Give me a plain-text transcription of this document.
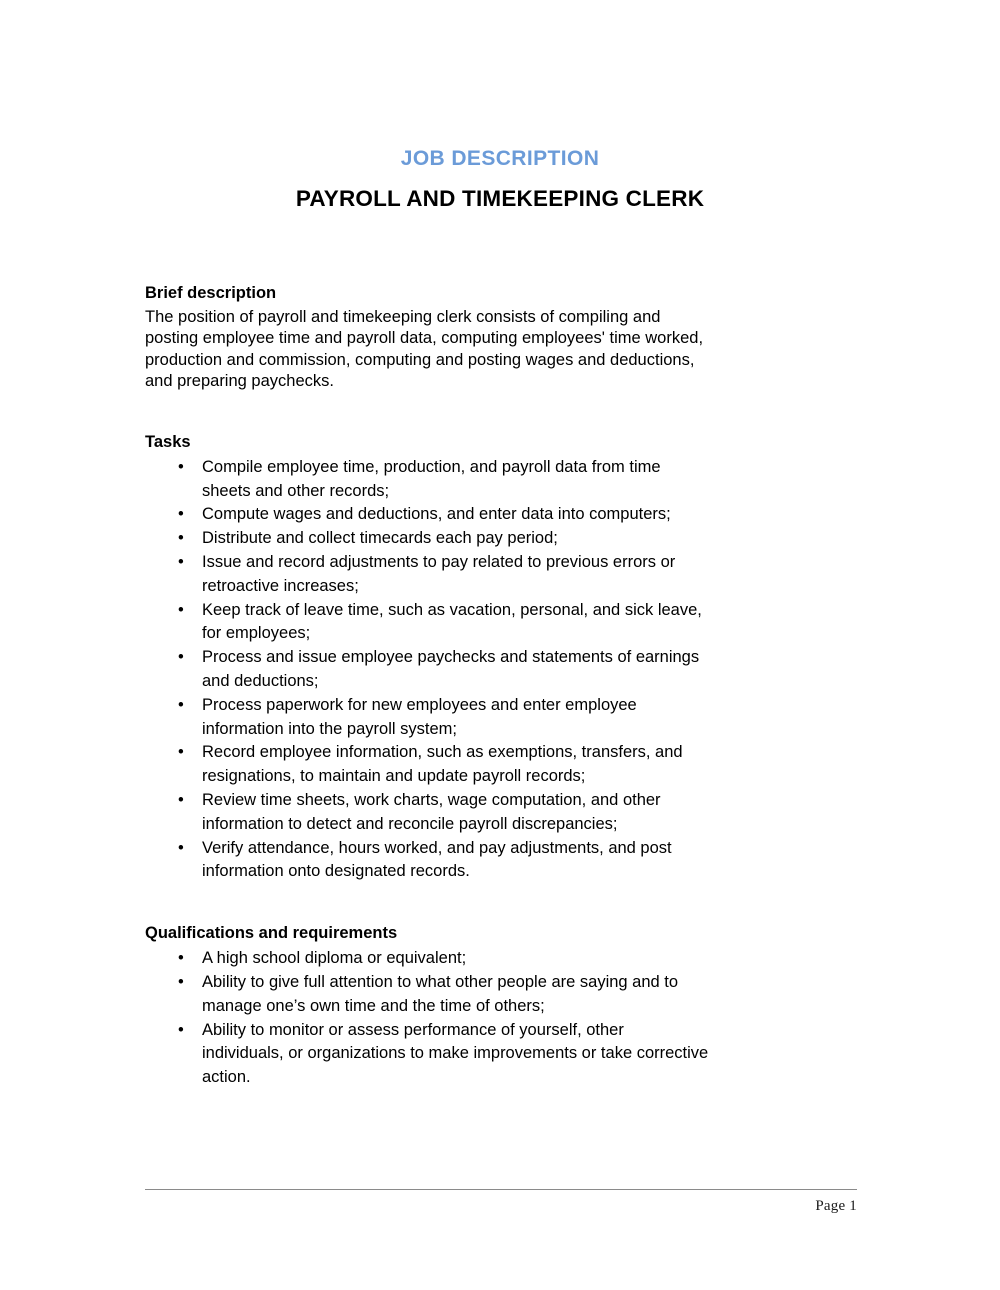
JOB DESCRIPTION
PAYROLL AND TIMEKEEPING CLERK
Brief description

The position of payroll and timekeeping clerk consists of compiling and posting employee time and payroll data, computing employees' time worked, production and commission, computing and posting wages and deductions, and preparing paychecks.

Tasks
• Compile employee time, production, and payroll data from time sheets and other records;
• Compute wages and deductions, and enter data into computers;
• Distribute and collect timecards each pay period;
• Issue and record adjustments to pay related to previous errors or retroactive increases;
• Keep track of leave time, such as vacation, personal, and sick leave, for employees;
• Process and issue employee paychecks and statements of earnings and deductions;
• Process paperwork for new employees and enter employee information into the payroll system;
• Record employee information, such as exemptions, transfers, and resignations, to maintain and update payroll records;
• Review time sheets, work charts, wage computation, and other information to detect and reconcile payroll discrepancies;
• Verify attendance, hours worked, and pay adjustments, and post information onto designated records.
Qualifications and requirements
• A high school diploma or equivalent;
• Ability to give full attention to what other people are saying and to manage one’s own time and the time of others;
• Ability to monitor or assess performance of yourself, other individuals, or organizations to make improvements or take corrective action.
Page 1
